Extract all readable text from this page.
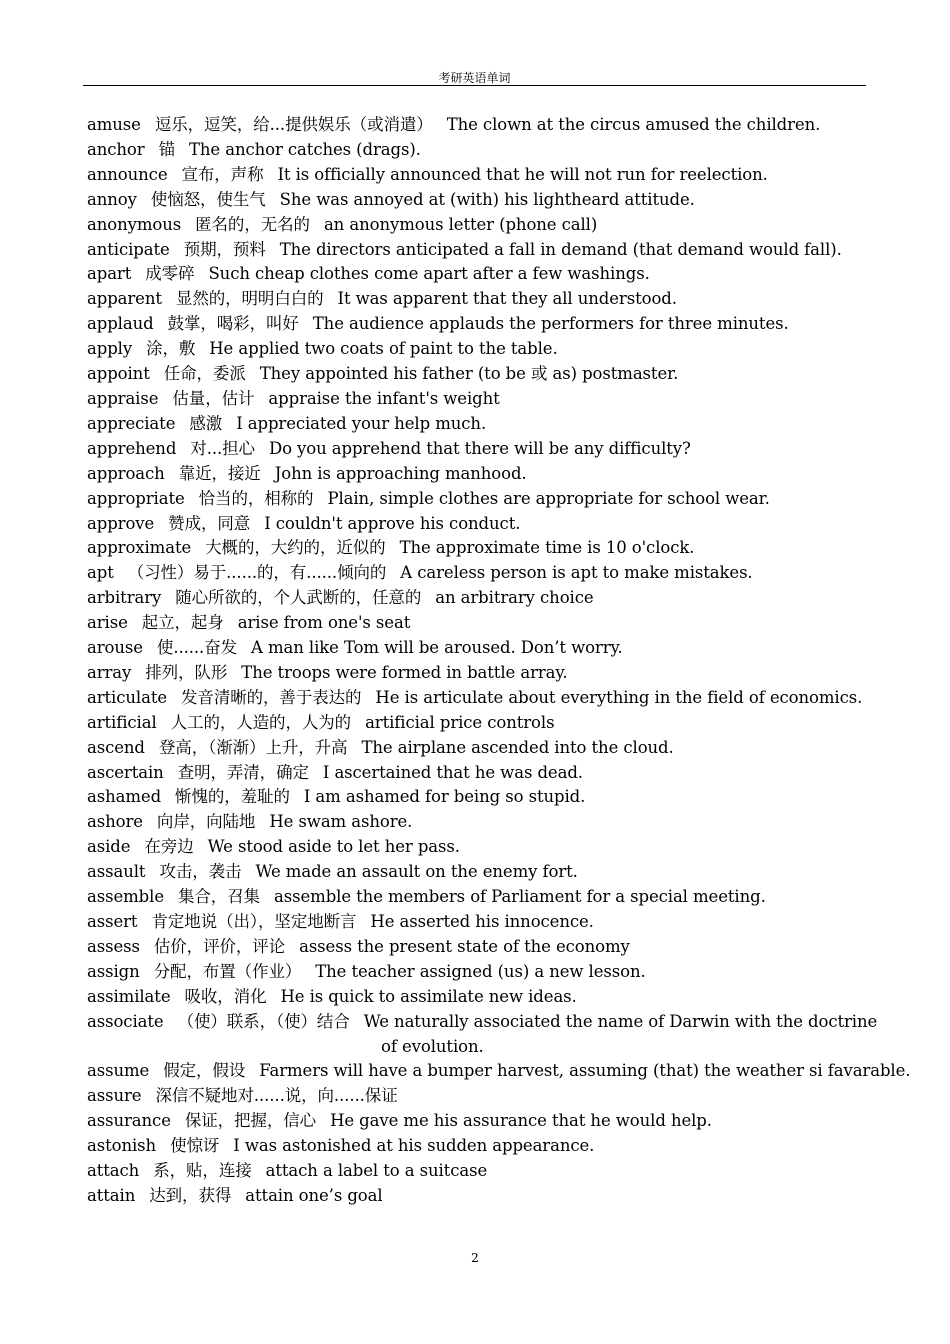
考研英语单词
amuse 逗乐，逗笑，给...提供娱乐（或消遣） The clown at the circus amused the children.
anchor 锚 The anchor catches (drags).
announce 宣布，声称 It is officially announced that he will not run for reelection.
annoy 使恼怒，使生气 She was annoyed at (with) his lightheard attitude.
anonymous 匿名的，无名的 an anonymous letter (phone call)
anticipate 预期，预料 The directors anticipated a fall in demand (that demand would fall).
apart 成零碎 Such cheap clothes come apart after a few washings.
apparent 显然的，明明白白的 It was apparent that they all understood.
applaud 鼓掌，喝彩，叫好 The audience applauds the performers for three minutes.
apply 涂，敷 He applied two coats of paint to the table.
appoint 任命，委派 They appointed his father (to be 或 as) postmaster.
appraise 估量，估计 appraise the infant's weight
appreciate 感激 I appreciated your help much.
apprehend 对...担心 Do you apprehend that there will be any difficulty?
approach 靠近，接近 John is approaching manhood.
appropriate 恰当的，相称的 Plain, simple clothes are appropriate for school wear.
approve 赞成，同意 I couldn't approve his conduct.
approximate 大概的，大约的，近似的 The approximate time is 10 o'clock.
apt （习性）易于......的，有......倾向的 A careless person is apt to make mistakes.
arbitrary 随心所欲的，个人武断的，任意的 an arbitrary choice
arise 起立，起身 arise from one's seat
arouse 使......奋发 A man like Tom will be aroused. Don’t worry.
array 排列，队形 The troops were formed in battle array.
articulate 发音清晰的，善于表达的 He is articulate about everything in the field of economics.
artificial 人工的，人造的，人为的 artificial price controls
ascend 登高，（渐渐）上升，升高 The airplane ascended into the cloud.
ascertain 查明，弄清，确定 I ascertained that he was dead.
ashamed 惭愧的，羞耻的 I am ashamed for being so stupid.
ashore 向岸，向陆地 He swam ashore.
aside 在旁边 We stood aside to let her pass.
assault 攻击，袭击 We made an assault on the enemy fort.
assemble 集合，召集 assemble the members of Parliament for a special meeting.
assert 肯定地说（出），坚定地断言 He asserted his innocence.
assess 估价，评价，评论 assess the present state of the economy
assign 分配，布置（作业） The teacher assigned (us) a new lesson.
assimilate 吸收，消化 He is quick to assimilate new ideas.
associate （使）联系，（使）结合 We naturally associated the name of Darwin with the doctrine
of evolution.
assume 假定，假设 Farmers will have a bumper harvest, assuming (that) the weather si favarable.
assure 深信不疑地对......说，向......保证
assurance 保证，把握，信心 He gave me his assurance that he would help.
astonish 使惊讶 I was astonished at his sudden appearance.
attach 系，贴，连接 attach a label to a suitcase
attain 达到，获得 attain one’s goal
2
